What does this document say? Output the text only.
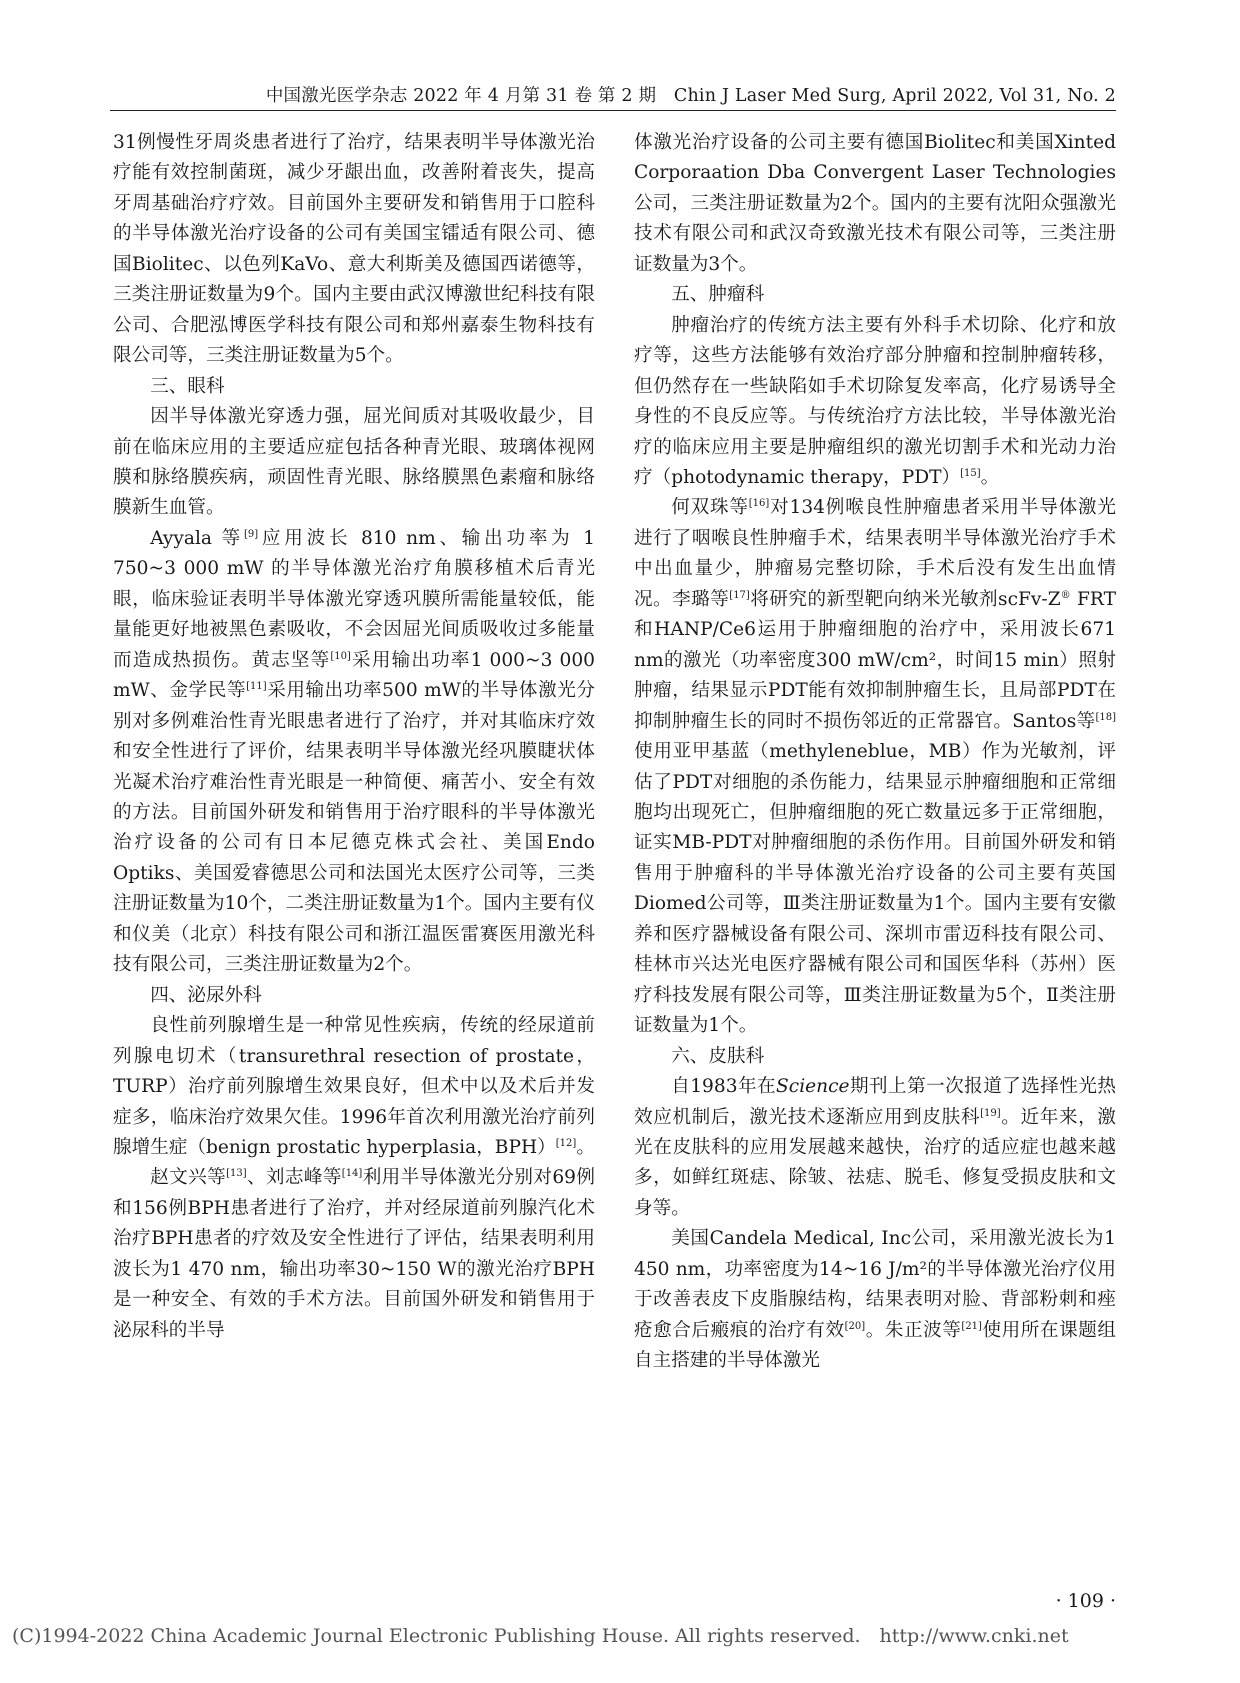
中国激光医学杂志 2022 年 4 月第 31 卷 第 2 期　Chin J Laser Med Surg, April 2022, Vol 31, No. 2

31例慢性牙周炎患者进行了治疗，结果表明半导体激光治疗能有效控制菌斑，减少牙龈出血，改善附着丧失，提高牙周基础治疗疗效。目前国外主要研发和销售用于口腔科的半导体激光治疗设备的公司有美国宝镭适有限公司、德国Biolitec、以色列KaVo、意大利斯美及德国西诺德等，三类注册证数量为9个。国内主要由武汉博激世纪科技有限公司、合肥泓博医学科技有限公司和郑州嘉泰生物科技有限公司等，三类注册证数量为5个。

三、眼科

因半导体激光穿透力强，屈光间质对其吸收最少，目前在临床应用的主要适应症包括各种青光眼、玻璃体视网膜和脉络膜疾病，顽固性青光眼、脉络膜黑色素瘤和脉络膜新生血管。

Ayyala 等[9]应用波长 810 nm、输出功率为 1 750~3 000 mW 的半导体激光治疗角膜移植术后青光眼，临床验证表明半导体激光穿透巩膜所需能量较低，能量能更好地被黑色素吸收，不会因屈光间质吸收过多能量而造成热损伤。黄志坚等[10]采用输出功率1 000~3 000 mW、金学民等[11]采用输出功率500 mW的半导体激光分别对多例难治性青光眼患者进行了治疗，并对其临床疗效和安全性进行了评价，结果表明半导体激光经巩膜睫状体光凝术治疗难治性青光眼是一种简便、痛苦小、安全有效的方法。目前国外研发和销售用于治疗眼科的半导体激光治疗设备的公司有日本尼德克株式会社、美国Endo Optiks、美国爱睿德思公司和法国光太医疗公司等，三类注册证数量为10个，二类注册证数量为1个。国内主要有仪和仪美（北京）科技有限公司和浙江温医雷赛医用激光科技有限公司，三类注册证数量为2个。

四、泌尿外科

良性前列腺增生是一种常见性疾病，传统的经尿道前列腺电切术（transurethral resection of prostate，TURP）治疗前列腺增生效果良好，但术中以及术后并发症多，临床治疗效果欠佳。1996年首次利用激光治疗前列腺增生症（benign prostatic hyperplasia，BPH）[12]。

赵文兴等[13]、刘志峰等[14]利用半导体激光分别对69例和156例BPH患者进行了治疗，并对经尿道前列腺汽化术治疗BPH患者的疗效及安全性进行了评估，结果表明利用波长为1 470 nm，输出功率30~150 W的激光治疗BPH是一种安全、有效的手术方法。目前国外研发和销售用于泌尿科的半导

体激光治疗设备的公司主要有德国Biolitec和美国Xinted Corporaation Dba Convergent Laser Technologies公司，三类注册证数量为2个。国内的主要有沈阳众强激光技术有限公司和武汉奇致激光技术有限公司等，三类注册证数量为3个。

五、肿瘤科

肿瘤治疗的传统方法主要有外科手术切除、化疗和放疗等，这些方法能够有效治疗部分肿瘤和控制肿瘤转移，但仍然存在一些缺陷如手术切除复发率高，化疗易诱导全身性的不良反应等。与传统治疗方法比较，半导体激光治疗的临床应用主要是肿瘤组织的激光切割手术和光动力治疗（photodynamic therapy，PDT）[15]。

何双珠等[16]对134例喉良性肿瘤患者采用半导体激光进行了咽喉良性肿瘤手术，结果表明半导体激光治疗手术中出血量少，肿瘤易完整切除，手术后没有发生出血情况。李璐等[17]将研究的新型靶向纳米光敏剂scFv-Z® FRT和HANP/Ce6运用于肿瘤细胞的治疗中，采用波长671 nm的激光（功率密度300 mW/cm²，时间15 min）照射肿瘤，结果显示PDT能有效抑制肿瘤生长，且局部PDT在抑制肿瘤生长的同时不损伤邻近的正常器官。Santos等[18]使用亚甲基蓝（methyleneblue，MB）作为光敏剂，评估了PDT对细胞的杀伤能力，结果显示肿瘤细胞和正常细胞均出现死亡，但肿瘤细胞的死亡数量远多于正常细胞，证实MB-PDT对肿瘤细胞的杀伤作用。目前国外研发和销售用于肿瘤科的半导体激光治疗设备的公司主要有英国Diomed公司等，Ⅲ类注册证数量为1个。国内主要有安徽养和医疗器械设备有限公司、深圳市雷迈科技有限公司、桂林市兴达光电医疗器械有限公司和国医华科（苏州）医疗科技发展有限公司等，Ⅲ类注册证数量为5个，Ⅱ类注册证数量为1个。

六、皮肤科

自1983年在Science期刊上第一次报道了选择性光热效应机制后，激光技术逐渐应用到皮肤科[19]。近年来，激光在皮肤科的应用发展越来越快，治疗的适应症也越来越多，如鲜红斑痣、除皱、祛痣、脱毛、修复受损皮肤和文身等。

美国Candela Medical, Inc公司，采用激光波长为1 450 nm，功率密度为14~16 J/m²的半导体激光治疗仪用于改善表皮下皮脂腺结构，结果表明对脸、背部粉刺和痤疮愈合后瘢痕的治疗有效[20]。朱正波等[21]使用所在课题组自主搭建的半导体激光

· 109 ·
(C)1994-2022 China Academic Journal Electronic Publishing House. All rights reserved.　http://www.cnki.net
